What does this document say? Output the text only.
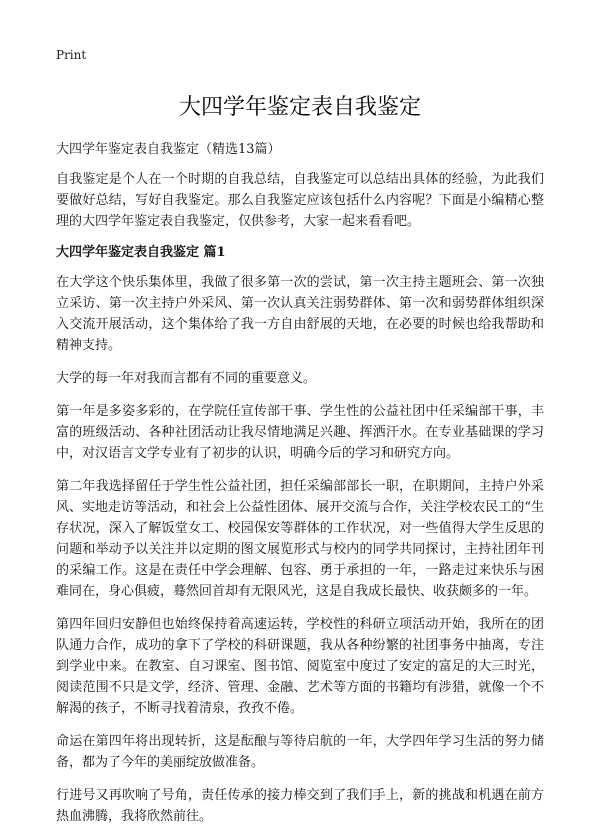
Print
大四学年鉴定表自我鉴定
大四学年鉴定表自我鉴定（精选13篇）

自我鉴定是个人在一个时期的自我总结，自我鉴定可以总结出具体的经验，为此我们要做好总结，写好自我鉴定。那么自我鉴定应该包括什么内容呢？下面是小编精心整理的大四学年鉴定表自我鉴定，仅供参考，大家一起来看看吧。

大四学年鉴定表自我鉴定 篇1

在大学这个快乐集体里，我做了很多第一次的尝试，第一次主持主题班会、第一次独立采访、第一次主持户外采风、第一次认真关注弱势群体、第一次和弱势群体组织深入交流开展活动，这个集体给了我一方自由舒展的天地，在必要的时候也给我帮助和精神支持。

大学的每一年对我而言都有不同的重要意义。

第一年是多姿多彩的，在学院任宣传部干事、学生性的公益社团中任采编部干事，丰富的班级活动、各种社团活动让我尽情地满足兴趣、挥洒汗水。在专业基础课的学习中，对汉语言文学专业有了初步的认识，明确今后的学习和研究方向。

第二年我选择留任于学生性公益社团，担任采编部部长一职，在职期间，主持户外采风、实地走访等活动，和社会上公益性团体、展开交流与合作，关注学校农民工的“生存状况，深入了解饭堂女工、校园保安等群体的工作状况，对一些值得大学生反思的问题和举动予以关注并以定期的图文展览形式与校内的同学共同探讨，主持社团年刊的采编工作。这是在责任中学会理解、包容、勇于承担的一年，一路走过来快乐与困难同在，身心俱疲，蓦然回首却有无限风光，这是自我成长最快、收获颇多的一年。

第四年回归安静但也始终保持着高速运转，学校性的科研立项活动开始，我所在的团队通力合作，成功的拿下了学校的科研课题，我从各种纷繁的社团事务中抽离，专注到学业中来。在教室、自习课室、图书馆、阅览室中度过了安定的富足的大三时光，阅读范围不只是文学，经济、管理、金融、艺术等方面的书籍均有涉猎，就像一个不解渴的孩子，不断寻找着清泉，孜孜不倦。

命运在第四年将出现转折，这是酝酿与等待启航的一年，大学四年学习生活的努力储备，都为了今年的美丽绽放做准备。

行进号又再吹响了号角，责任传承的接力棒交到了我们手上，新的挑战和机遇在前方热血沸腾，我将欣然前往。
